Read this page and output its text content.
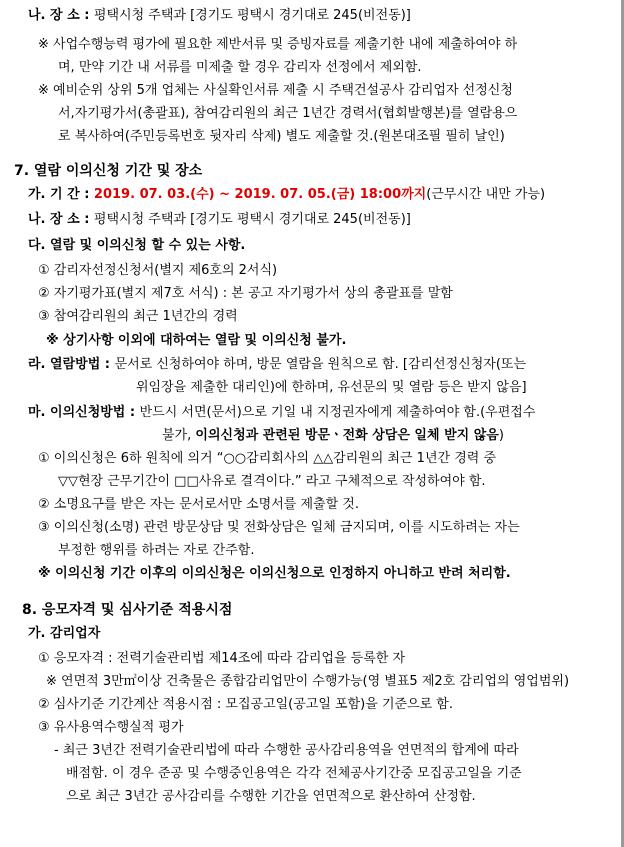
나. 장 소 : 평택시청 주택과 [경기도 평택시 경기대로 245(비전동)]
※ 사업수행능력 평가에 필요한 제반서류 및 증빙자료를 제출기한 내에 제출하여야 하
며, 만약 기간 내 서류를 미제출 할 경우 감리자 선정에서 제외함.
※ 예비순위 상위 5개 업체는 사실확인서류 제출 시 주택건설공사 감리업자 선정신청
서,자기평가서(총괄표), 참여감리원의 최근 1년간 경력서(협회발행본)를 열람용으
로 복사하여(주민등록번호 뒷자리 삭제) 별도 제출할 것.(원본대조필 필히 날인)
7. 열람 이의신청 기간 및 장소
가. 기 간 : 2019. 07. 03.(수) ~ 2019. 07. 05.(금) 18:00까지(근무시간 내만 가능)
나. 장 소 : 평택시청 주택과 [경기도 평택시 경기대로 245(비전동)]
다. 열람 및 이의신청 할 수 있는 사항.
① 감리자선정신청서(별지 제6호의 2서식)
② 자기평가표(별지 제7호 서식) : 본 공고 자기평가서 상의 총괄표를 말함
③ 참여감리원의 최근 1년간의 경력
※ 상기사항 이외에 대하여는 열람 및 이의신청 불가.
라. 열람방법 : 문서로 신청하여야 하며, 방문 열람을 원칙으로 함. [감리선정신청자(또는
위임장을 제출한 대리인)에 한하며, 유선문의 및 열람 등은 받지 않음]
마. 이의신청방법 : 반드시 서면(문서)으로 기일 내 지정권자에게 제출하여야 함.(우편접수
불가, 이의신청과 관련된 방문ㆍ전화 상담은 일체 받지 않음)
① 이의신청은 6하 원칙에 의거 “○○감리회사의 △△감리원의 최근 1년간 경력 중
▽▽현장 근무기간이 □□사유로 결격이다.” 라고 구체적으로 작성하여야 함.
② 소명요구를 받은 자는 문서로서만 소명서를 제출할 것.
③ 이의신청(소명) 관련 방문상담 및 전화상담은 일체 금지되며, 이를 시도하려는 자는
부정한 행위를 하려는 자로 간주함.
※ 이의신청 기간 이후의 이의신청은 이의신청으로 인정하지 아니하고 반려 처리함.
8. 응모자격 및 심사기준 적용시점
가. 감리업자
① 응모자격 : 전력기술관리법 제14조에 따라 감리업을 등록한 자
※ 연면적 3만㎡이상 건축물은 종합감리업만이 수행가능(영 별표5 제2호 감리업의 영업범위)
② 심사기준 기간계산 적용시점 : 모집공고일(공고일 포함)을 기준으로 함.
③ 유사용역수행실적 평가
- 최근 3년간 전력기술관리법에 따라 수행한 공사감리용역을 연면적의 합계에 따라
배점함. 이 경우 준공 및 수행중인용역은 각각 전체공사기간중 모집공고일을 기준
으로 최근 3년간 공사감리를 수행한 기간을 연면적으로 환산하여 산정함.
